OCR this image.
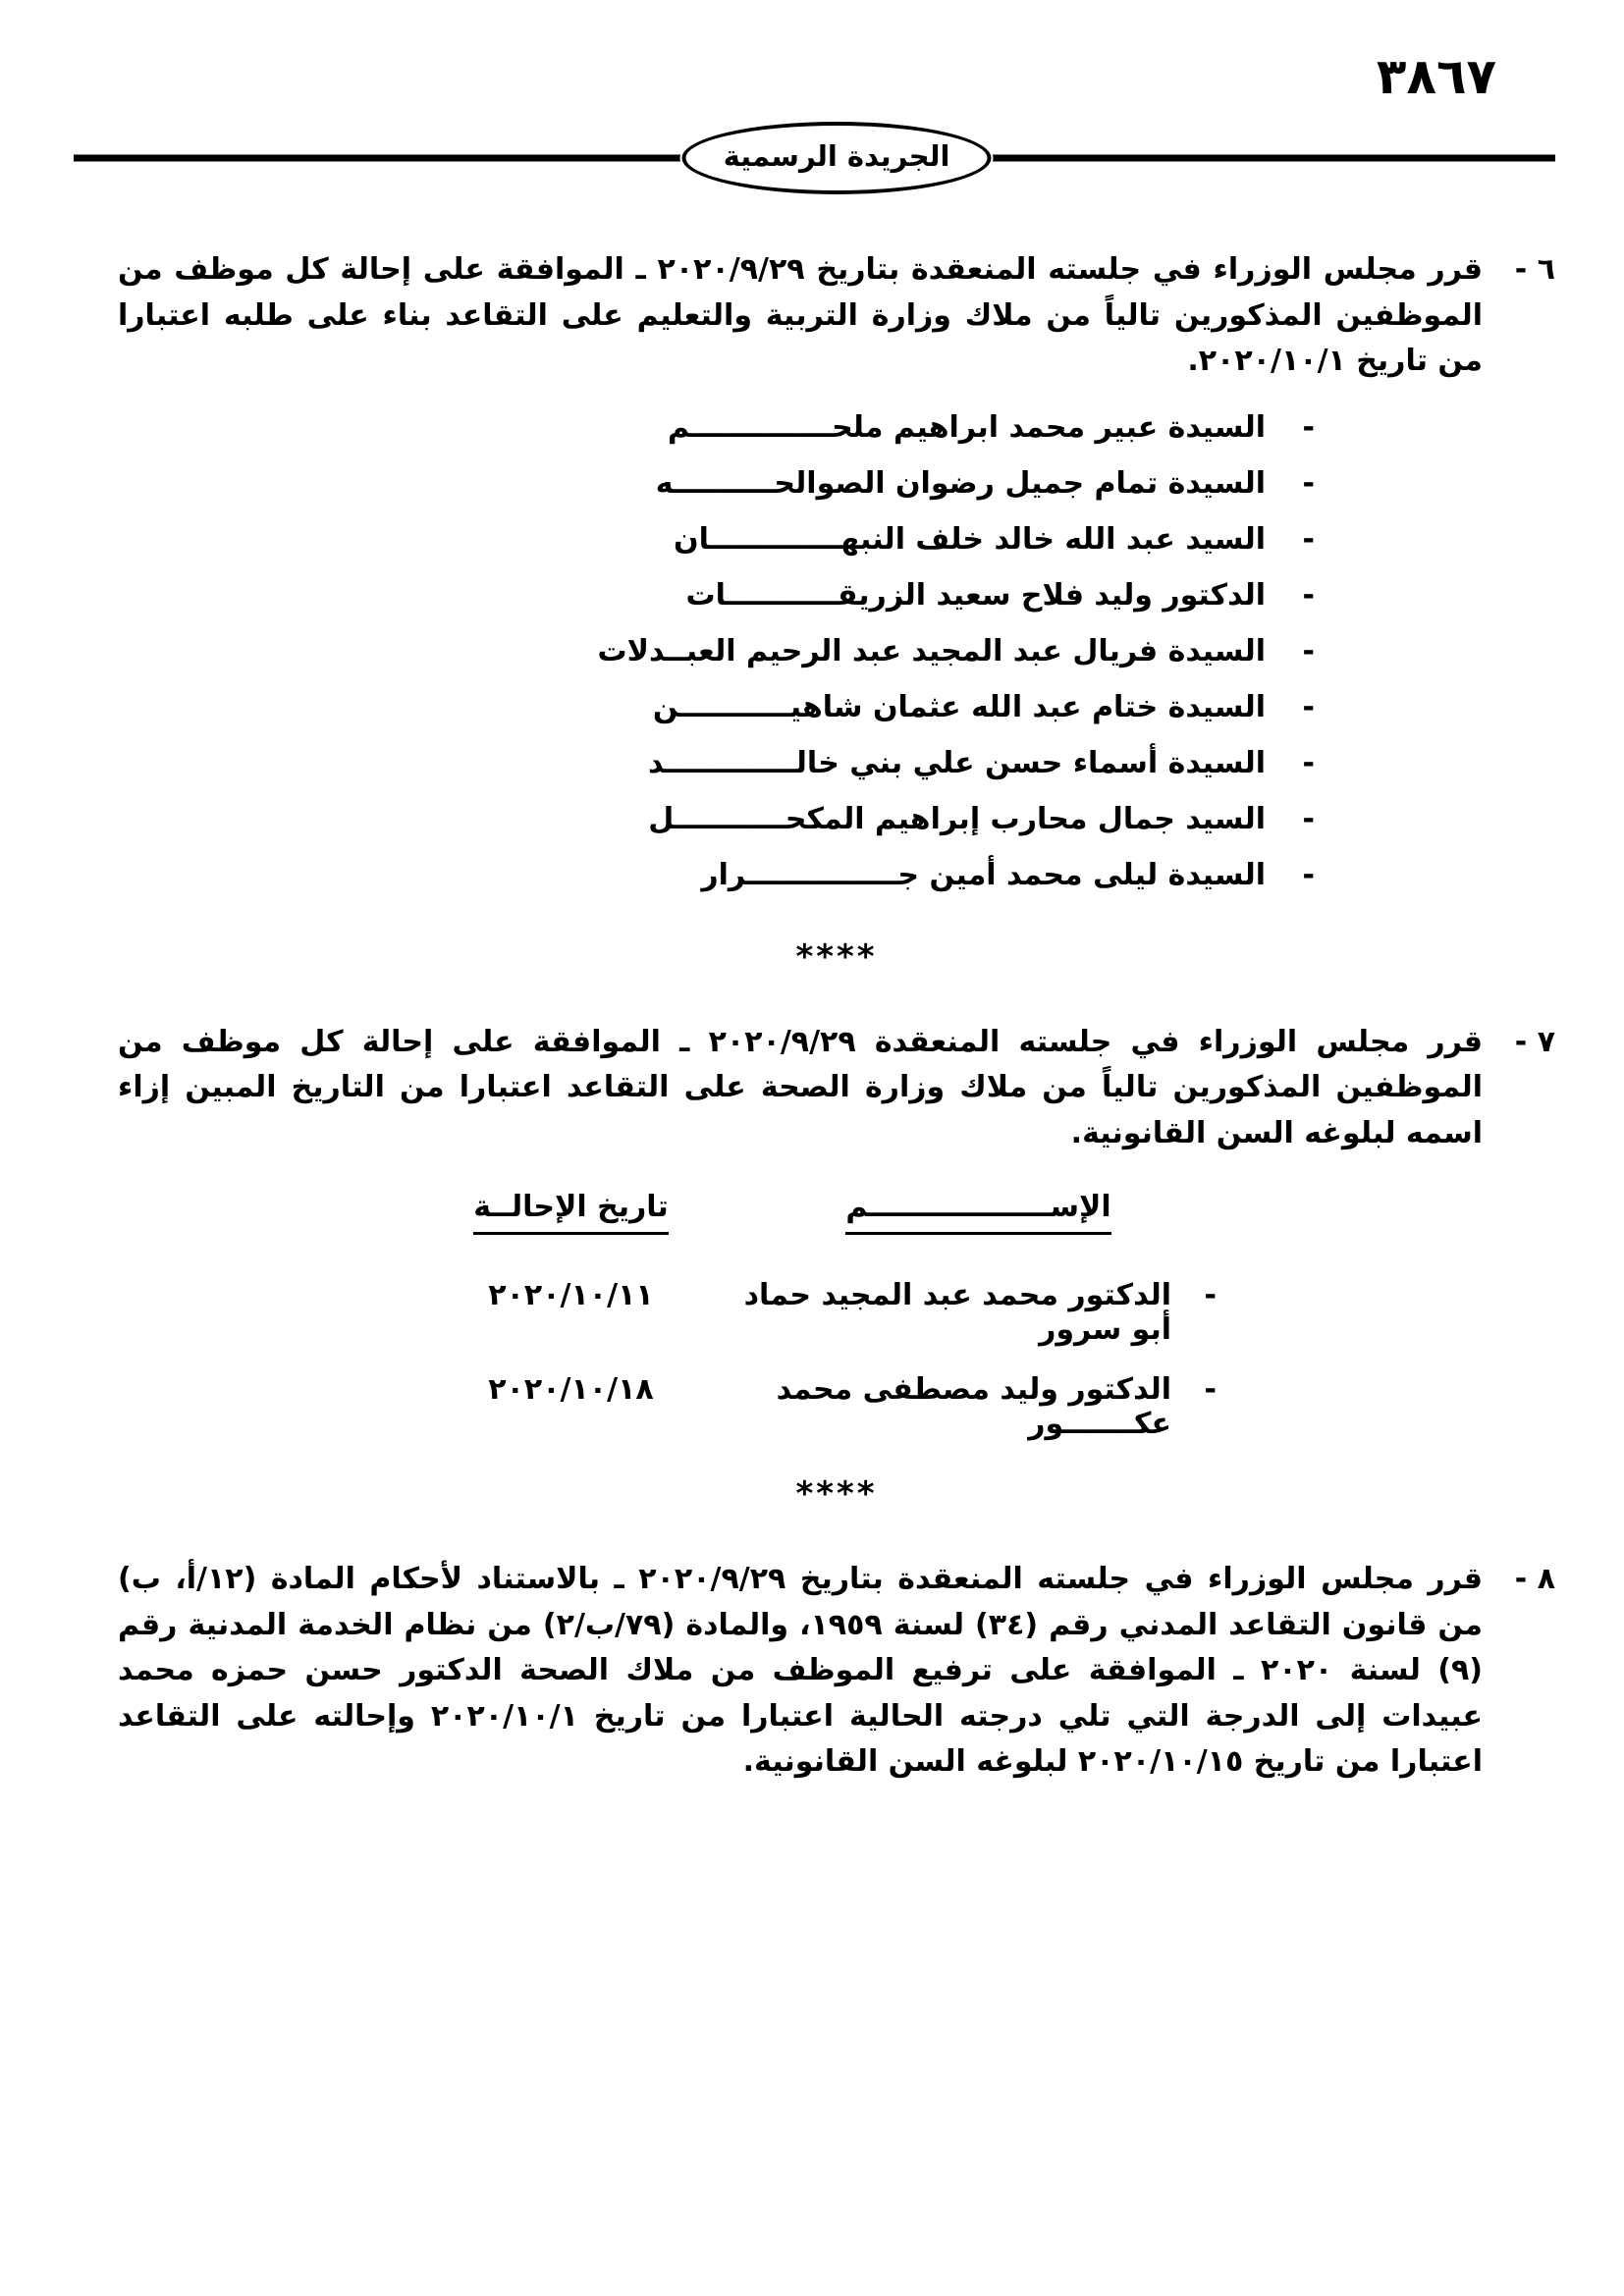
٣٨٦٧
الجريدة الرسمية
٦ -

قرر مجلس الوزراء في جلسته المنعقدة بتاريخ ٢٠٢٠/٩/٢٩ ـ الموافقة على إحالة كل موظف من الموظفين المذكورين تالياً من ملاك وزارة التربية والتعليم على التقاعد بناء على طلبه اعتبارا من تاريخ ٢٠٢٠/١٠/١.

-
السيدة عبير محمد ابراهيم ملحــــــــــــــم
-
السيدة تمام جميل رضوان الصوالحــــــــــه
-
السيد عبد الله خالد خلف النبهـــــــــــــان
-
الدكتور وليد فلاح سعيد الزريقـــــــــــات
-
السيدة فريال عبد المجيد عبد الرحيم العبــدلات
-
السيدة ختام عبد الله عثمان شاهيـــــــــــن
-
السيدة أسماء حسن علي بني خالـــــــــــــد
-
السيد جمال محارب إبراهيم المكحـــــــــــل
-
السيدة ليلى محمد أمين جـــــــــــــــرار
****
٧ -

قرر مجلس الوزراء في جلسته المنعقدة ٢٠٢٠/٩/٢٩ ـ الموافقة على إحالة كل موظف من الموظفين المذكورين تالياً من ملاك وزارة الصحة على التقاعد اعتبارا من التاريخ المبين إزاء اسمه لبلوغه السن القانونية.

الإســــــــــــــــــم
تاريخ الإحالــة
-
الدكتور محمد عبد المجيد حماد أبو سرور
٢٠٢٠/١٠/١١
-
الدكتور وليد مصطفى محمد عكـــــــور
٢٠٢٠/١٠/١٨
****
٨ -

قرر مجلس الوزراء في جلسته المنعقدة بتاريخ ٢٠٢٠/٩/٢٩ ـ بالاستناد لأحكام المادة (١٢/أ، ب) من قانون التقاعد المدني رقم (٣٤) لسنة ١٩٥٩، والمادة (٧٩/ب/٢) من نظام الخدمة المدنية رقم (٩) لسنة ٢٠٢٠ ـ الموافقة على ترفيع الموظف من ملاك الصحة الدكتور حسن حمزه محمد عبيدات إلى الدرجة التي تلي درجته الحالية اعتبارا من تاريخ ٢٠٢٠/١٠/١ وإحالته على التقاعد اعتبارا من تاريخ ٢٠٢٠/١٠/١٥ لبلوغه السن القانونية.
